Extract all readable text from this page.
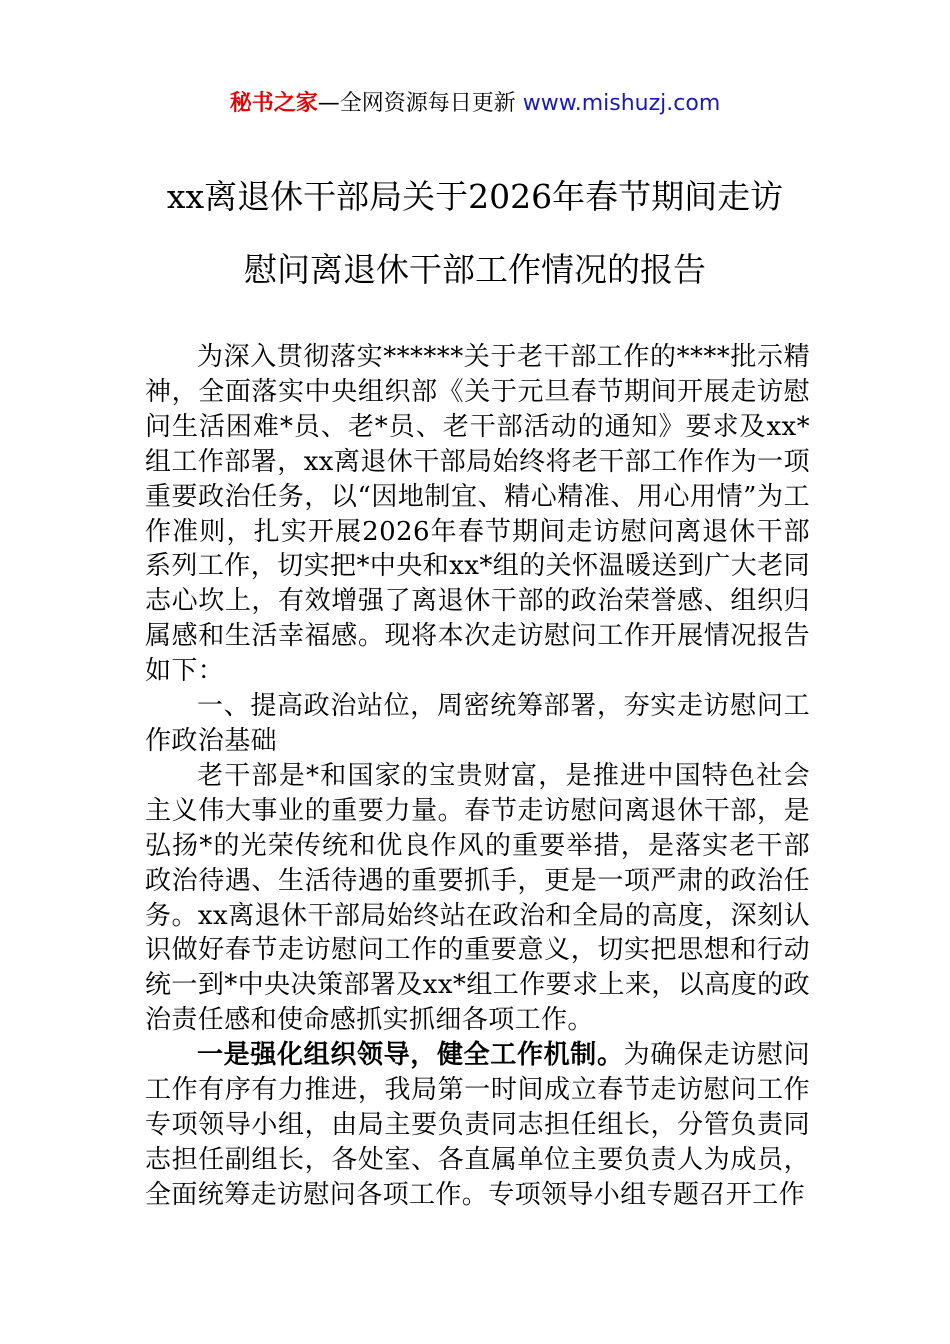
秘书之家—全网资源每日更新 www.mishuzj.com
xx离退休干部局关于2026年春节期间走访
慰问离退休干部工作情况的报告

为深入贯彻落实******关于老干部工作的****批示精神，全面落实中央组织部《关于元旦春节期间开展走访慰问生活困难*员、老*员、老干部活动的通知》要求及xx*组工作部署，xx离退休干部局始终将老干部工作作为一项重要政治任务，以“因地制宜、精心精准、用心用情”为工作准则，扎实开展2026年春节期间走访慰问离退休干部系列工作，切实把*中央和xx*组的关怀温暖送到广大老同志心坎上，有效增强了离退休干部的政治荣誉感、组织归属感和生活幸福感。现将本次走访慰问工作开展情况报告如下：

一、提高政治站位，周密统筹部署，夯实走访慰问工作政治基础

老干部是*和国家的宝贵财富，是推进中国特色社会主义伟大事业的重要力量。春节走访慰问离退休干部，是弘扬*的光荣传统和优良作风的重要举措，是落实老干部政治待遇、生活待遇的重要抓手，更是一项严肃的政治任务。xx离退休干部局始终站在政治和全局的高度，深刻认识做好春节走访慰问工作的重要意义，切实把思想和行动统一到*中央决策部署及xx*组工作要求上来，以高度的政治责任感和使命感抓实抓细各项工作。

一是强化组织领导，健全工作机制。为确保走访慰问工作有序有力推进，我局第一时间成立春节走访慰问工作专项领导小组，由局主要负责同志担任组长，分管负责同志担任副组长，各处室、各直属单位主要负责人为成员，全面统筹走访慰问各项工作。专项领导小组专题召开工作
